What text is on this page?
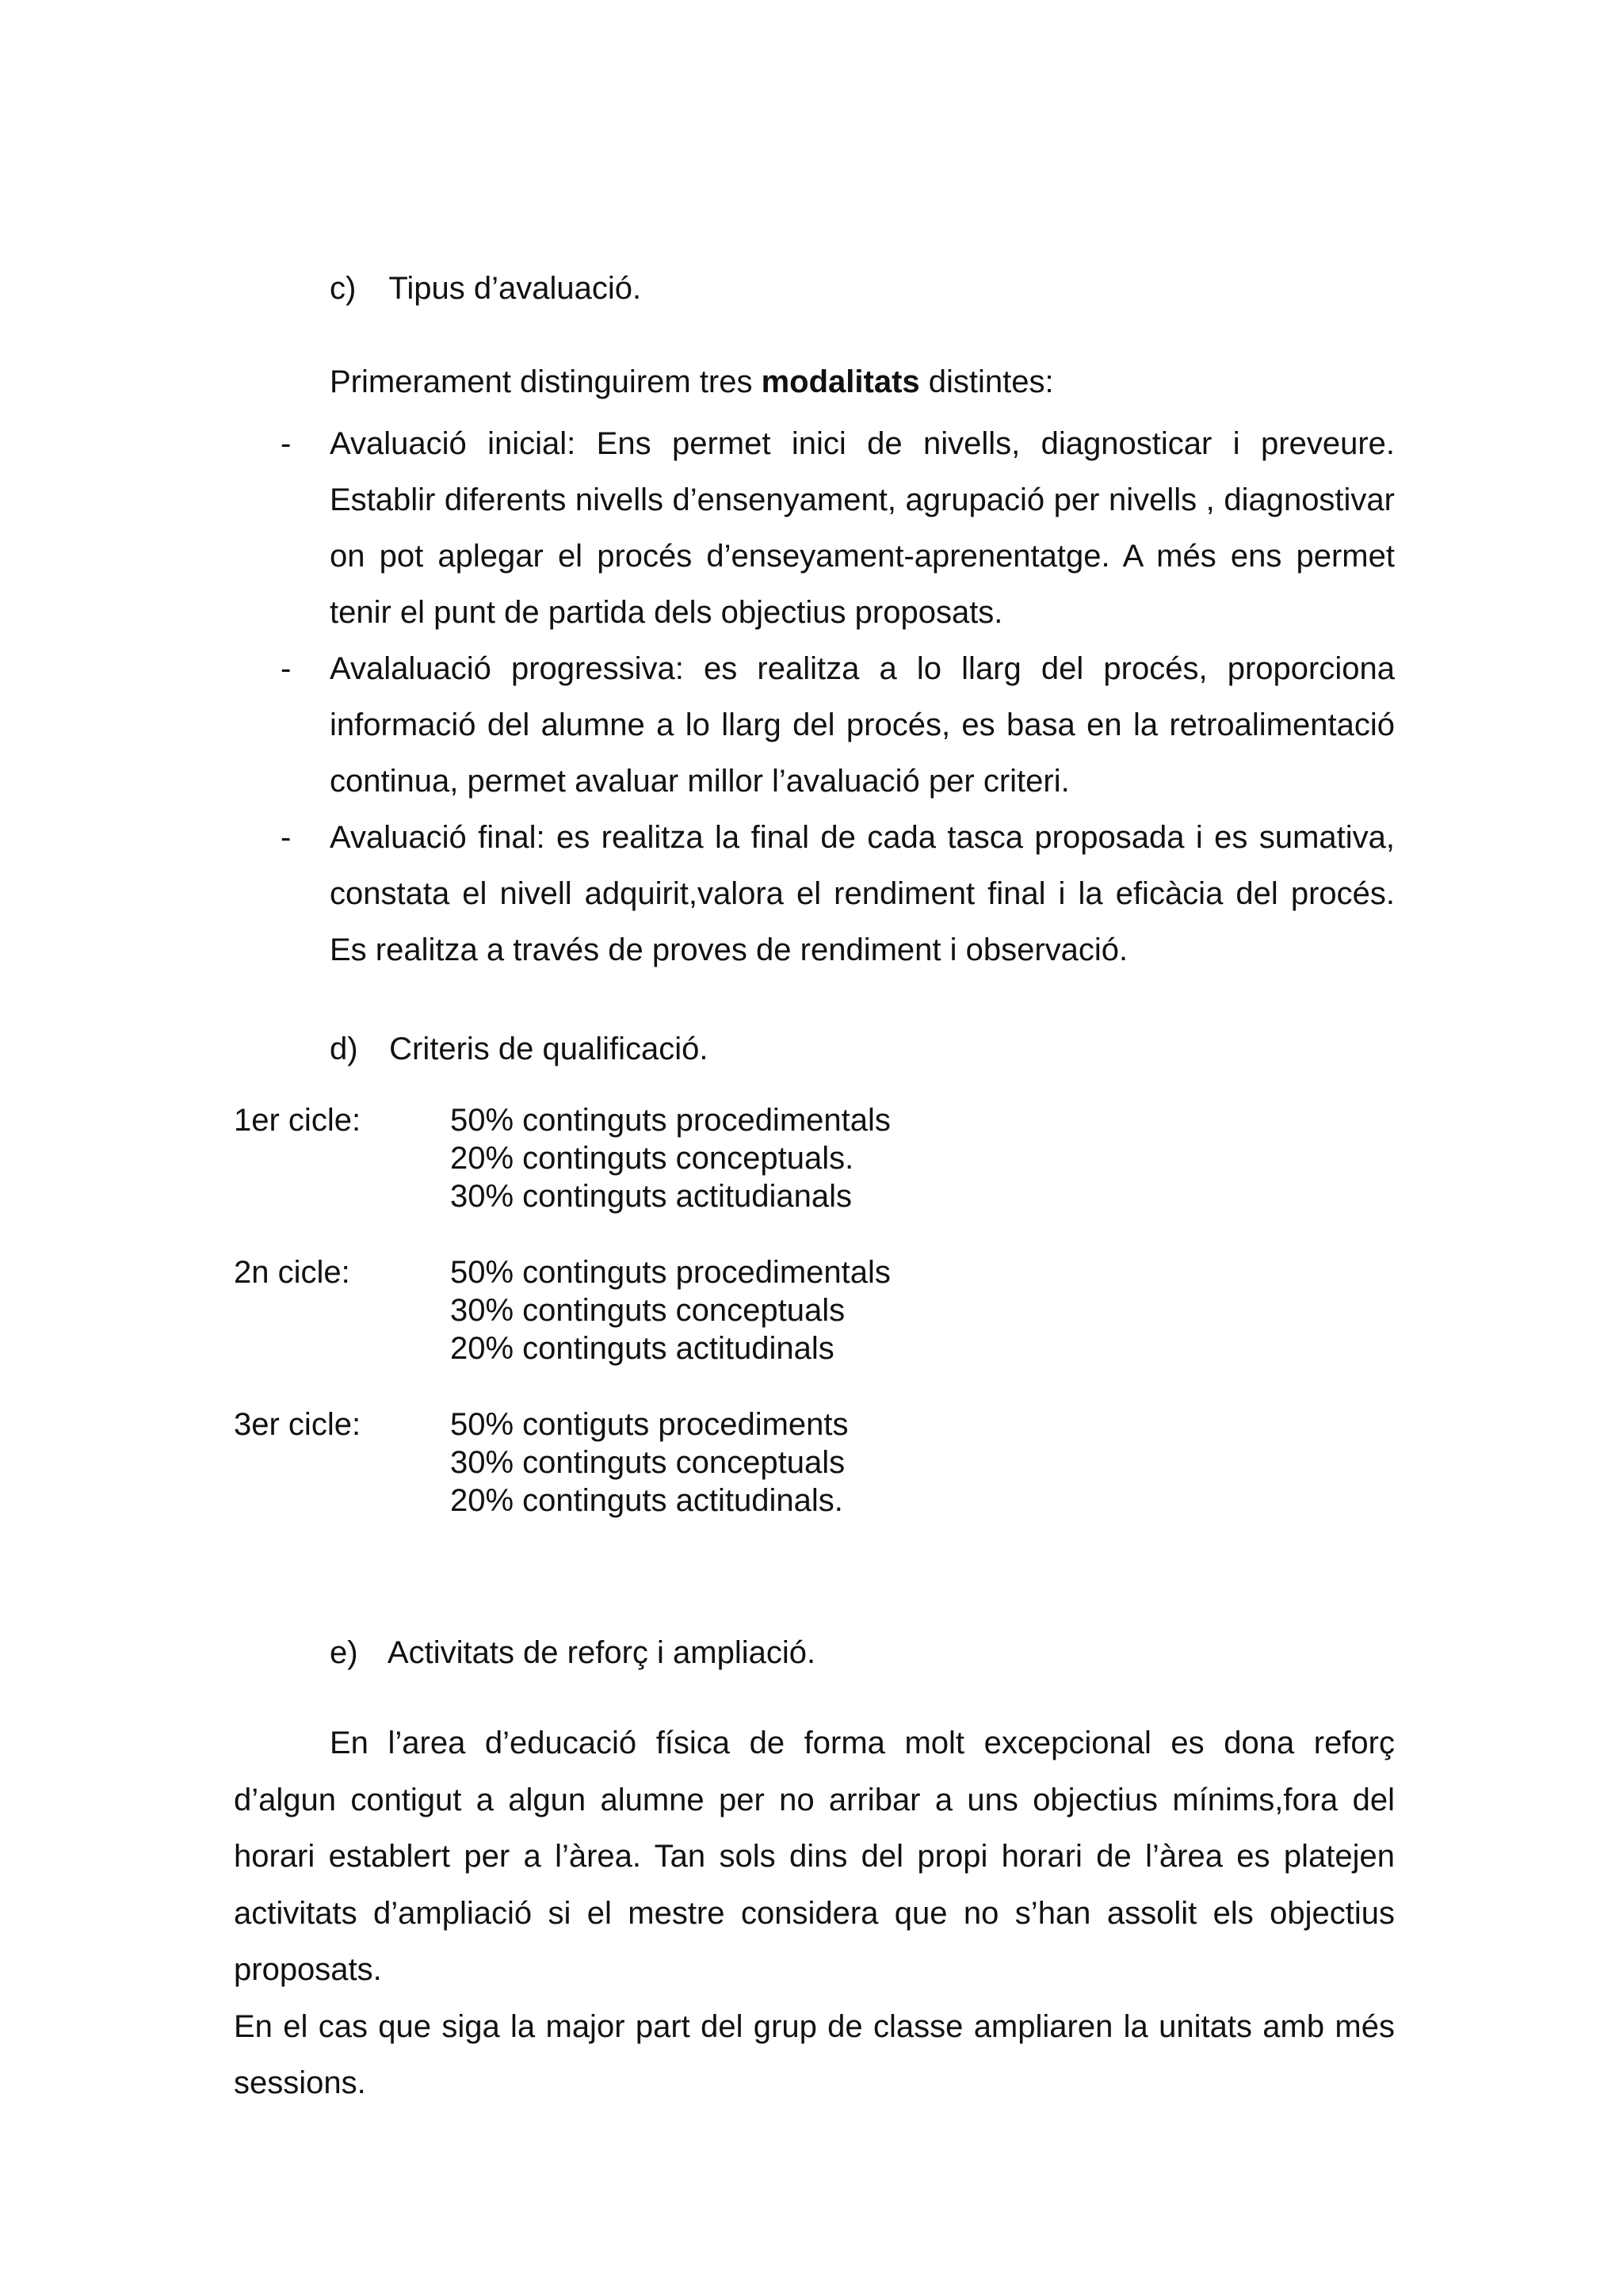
c) Tipus d’avaluació.
Primerament distinguirem tres modalitats distintes:
- Avaluació inicial: Ens permet inici de nivells, diagnosticar i preveure. Establir diferents nivells d’ensenyament, agrupació per nivells , diagnostivar on pot aplegar el procés d’enseyament-aprenentatge. A més ens permet tenir el punt de partida dels objectius proposats.
- Avalaluació progressiva: es realitza a lo llarg del procés, proporciona informació del alumne a lo llarg del procés, es basa en la retroalimentació continua, permet avaluar millor l’avaluació per criteri.
- Avaluació final: es realitza la final de cada tasca proposada i es sumativa, constata el nivell adquirit,valora el rendiment final i la eficàcia del procés. Es realitza a través de proves de rendiment i observació.
d) Criteris de qualificació.
1er cicle:	50% continguts procedimentals
20% continguts conceptuals.
30% continguts actitudianals
2n cicle:	50% continguts procedimentals
30% continguts conceptuals
20% continguts actitudinals
3er cicle:	50% contiguts procediments
30% continguts conceptuals
20% continguts actitudinals.
e) Activitats de reforç i ampliació.

En l’area d’educació física de forma molt excepcional es dona reforç d’algun contigut a algun alumne per no arribar a uns objectius mínims,fora del horari establert per a l’àrea. Tan sols dins del propi horari de l’àrea es platejen activitats d’ampliació si el mestre considera que no s’han assolit els objectius proposats.

En el cas que siga la major part del grup de classe ampliaren la unitats amb més sessions.
